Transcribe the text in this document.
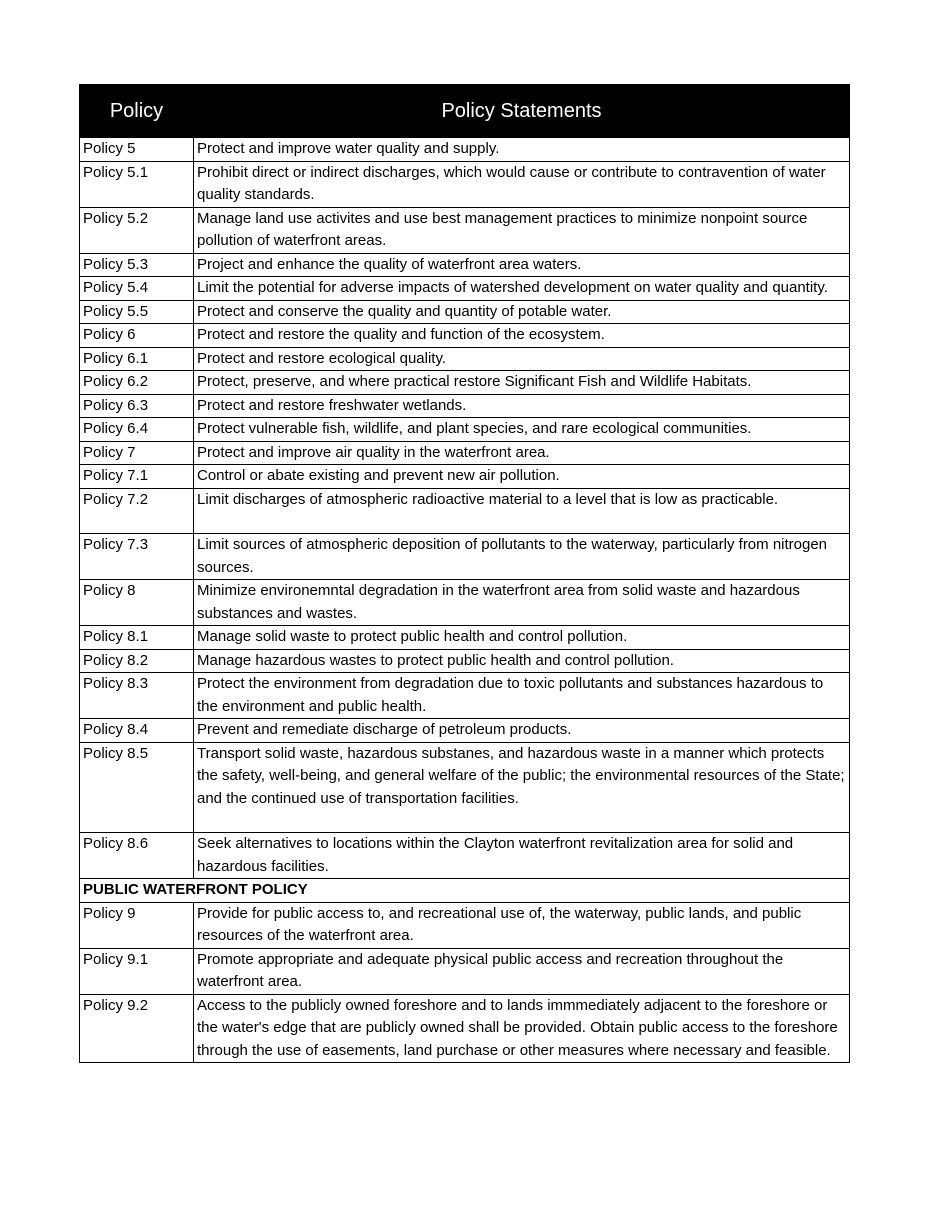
Policy	Policy Statements
Policy 5	Protect and improve water quality and supply.
Policy 5.1	Prohibit direct or indirect discharges, which would cause or contribute to contravention of water quality standards.
Policy 5.2	Manage land use activites and use best management practices to minimize nonpoint source pollution of waterfront areas.
Policy 5.3	Project and enhance the quality of waterfront area waters.
Policy 5.4	Limit the potential for adverse impacts of watershed development on water quality and quantity.
Policy 5.5	Protect and conserve the quality and quantity of potable water.
Policy 6	Protect and restore the quality and function of the ecosystem.
Policy 6.1	Protect and restore ecological quality.
Policy 6.2	Protect, preserve, and where practical restore Significant Fish and Wildlife Habitats.
Policy 6.3	Protect and restore freshwater wetlands.
Policy 6.4	Protect vulnerable fish, wildlife, and plant species, and rare ecological communities.
Policy 7	Protect and improve air quality in the waterfront area.
Policy 7.1	Control or abate existing and prevent new air pollution.
Policy 7.2	Limit discharges of atmospheric radioactive material to a level that is low as practicable.
Policy 7.3	Limit sources of atmospheric deposition of pollutants to the waterway, particularly from nitrogen sources.
Policy 8	Minimize environemntal degradation in the waterfront area from solid waste and hazardous substances and wastes.
Policy 8.1	Manage solid waste to protect public health and control pollution.
Policy 8.2	Manage hazardous wastes to protect public health and control pollution.
Policy 8.3	Protect the environment from degradation due to toxic pollutants and substances hazardous to the environment and public health.
Policy 8.4	Prevent and remediate discharge of petroleum products.
Policy 8.5	Transport solid waste, hazardous substanes, and hazardous waste in a manner which protects the safety, well-being, and general welfare of the public; the environmental resources of the State; and the continued use of transportation facilities.
Policy 8.6	Seek alternatives to locations within the Clayton waterfront revitalization area for solid and hazardous facilities.
PUBLIC WATERFRONT POLICY	
Policy 9	Provide for public access to, and recreational use of, the waterway, public lands, and public resources of the waterfront area.
Policy 9.1	Promote appropriate and adequate physical public access and recreation throughout the waterfront area.
Policy 9.2	Access to the publicly owned foreshore and to lands immmediately adjacent to the foreshore or the water's edge that are publicly owned shall be provided. Obtain public access to the foreshore through the use of easements, land purchase or other measures where necessary and feasible.
